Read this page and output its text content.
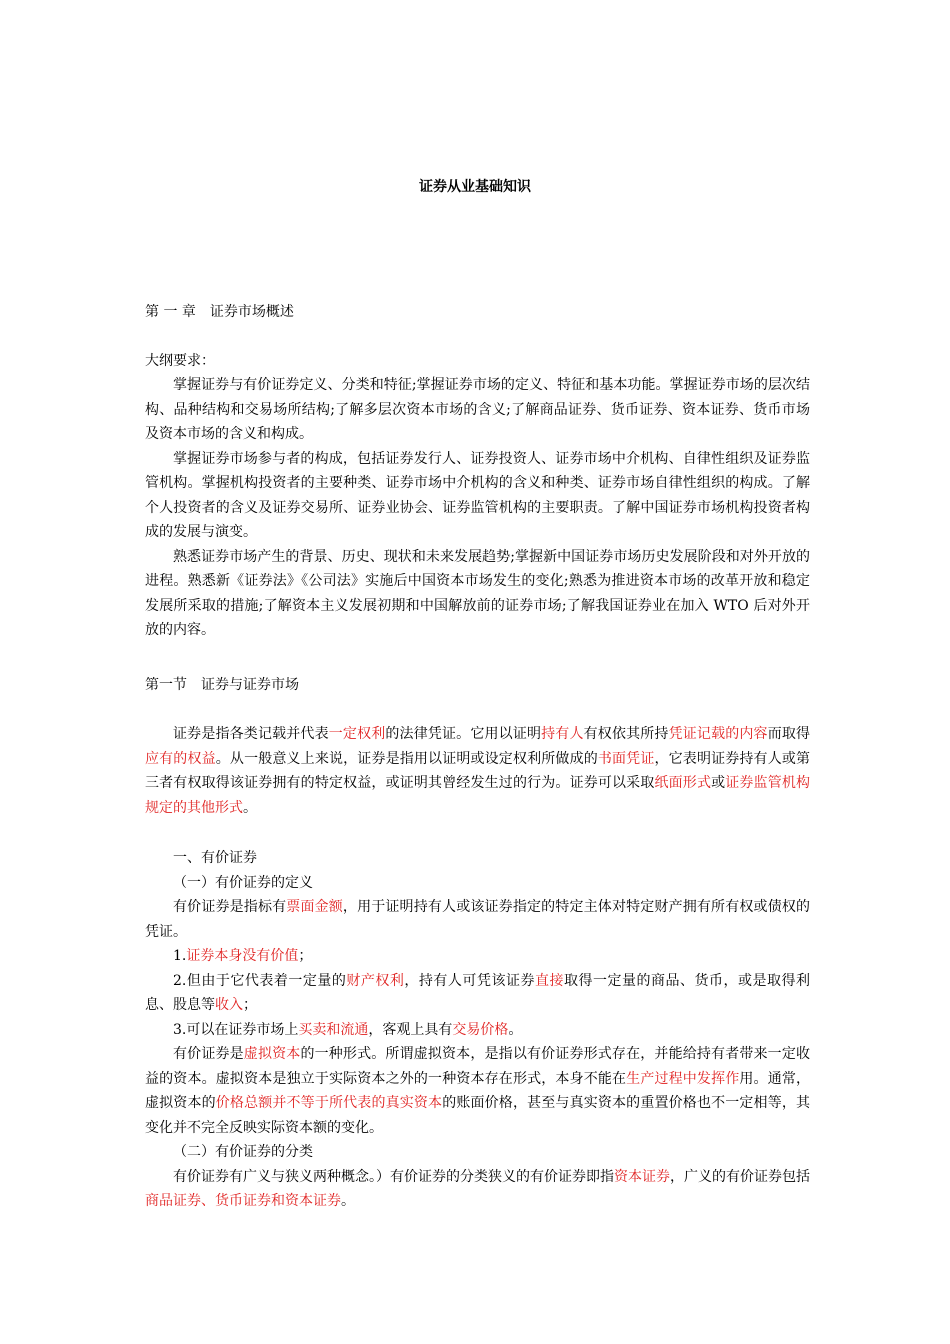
证券从业基础知识
第 一 章 证券市场概述
大纲要求：

掌握证券与有价证券定义、分类和特征;掌握证券市场的定义、特征和基本功能。掌握证券市场的层次结构、品种结构和交易场所结构;了解多层次资本市场的含义;了解商品证券、货币证券、资本证券、货币市场及资本市场的含义和构成。

掌握证券市场参与者的构成，包括证券发行人、证券投资人、证券市场中介机构、自律性组织及证券监管机构。掌握机构投资者的主要种类、证券市场中介机构的含义和种类、证券市场自律性组织的构成。了解个人投资者的含义及证券交易所、证券业协会、证券监管机构的主要职责。了解中国证券市场机构投资者构成的发展与演变。

熟悉证券市场产生的背景、历史、现状和未来发展趋势;掌握新中国证券市场历史发展阶段和对外开放的进程。熟悉新《证券法》《公司法》实施后中国资本市场发生的变化;熟悉为推进资本市场的改革开放和稳定发展所采取的措施;了解资本主义发展初期和中国解放前的证券市场;了解我国证券业在加入 WTO 后对外开放的内容。

第一节 证券与证券市场

证券是指各类记载并代表一定权利的法律凭证。它用以证明持有人有权依其所持凭证记载的内容而取得应有的权益。从一般意义上来说，证券是指用以证明或设定权利所做成的书面凭证，它表明证券持有人或第三者有权取得该证券拥有的特定权益，或证明其曾经发生过的行为。证券可以采取纸面形式或证券监管机构规定的其他形式。

一、有价证券

（一）有价证券的定义

有价证券是指标有票面金额，用于证明持有人或该证券指定的特定主体对特定财产拥有所有权或债权的凭证。

1.证券本身没有价值；

2.但由于它代表着一定量的财产权利，持有人可凭该证券直接取得一定量的商品、货币，或是取得利息、股息等收入；

3.可以在证券市场上买卖和流通，客观上具有交易价格。

有价证券是虚拟资本的一种形式。所谓虚拟资本，是指以有价证券形式存在，并能给持有者带来一定收益的资本。虚拟资本是独立于实际资本之外的一种资本存在形式，本身不能在生产过程中发挥作用。通常，虚拟资本的价格总额并不等于所代表的真实资本的账面价格，甚至与真实资本的重置价格也不一定相等，其变化并不完全反映实际资本额的变化。

（二）有价证券的分类

有价证券有广义与狭义两种概念。）有价证券的分类狭义的有价证券即指资本证券，广义的有价证券包括商品证券、货币证券和资本证券。
